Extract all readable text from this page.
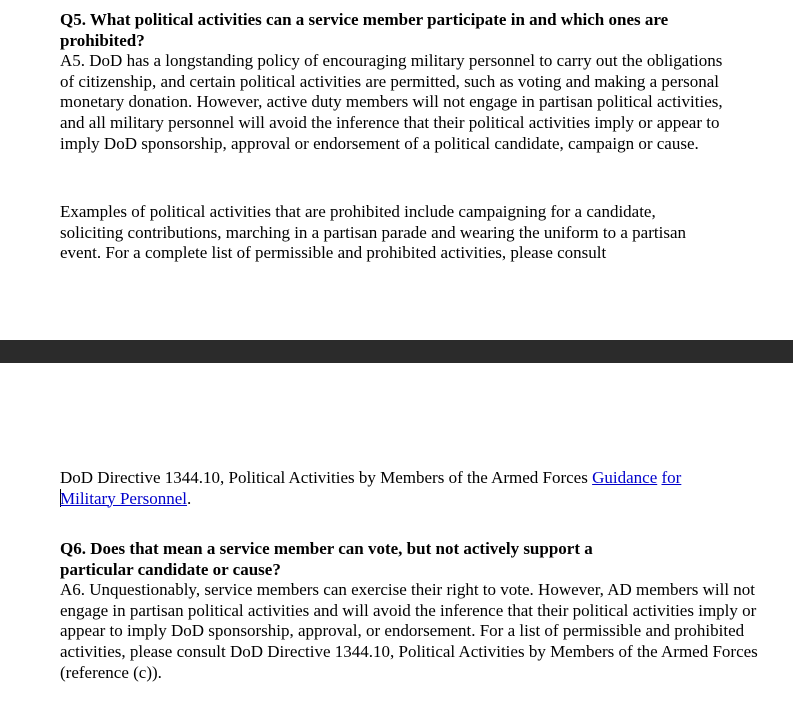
Q5. What political activities can a service member participate in and which ones are prohibited?

A5. DoD has a longstanding policy of encouraging military personnel to carry out the obligations of citizenship, and certain political activities are permitted, such as voting and making a personal monetary donation. However, active duty members will not engage in partisan political activities, and all military personnel will avoid the inference that their political activities imply or appear to imply DoD sponsorship, approval or endorsement of a political candidate, campaign or cause.

Examples of political activities that are prohibited include campaigning for a candidate, soliciting contributions, marching in a partisan parade and wearing the uniform to a partisan event. For a complete list of permissible and prohibited activities, please consult

DoD Directive 1344.10, Political Activities by Members of the Armed Forces Guidance for
Military Personnel.

Q6. Does that mean a service member can vote, but not actively support a particular candidate or cause?

A6. Unquestionably, service members can exercise their right to vote. However, AD members will not engage in partisan political activities and will avoid the inference that their political activities imply or appear to imply DoD sponsorship, approval, or endorsement. For a list of permissible and prohibited activities, please consult DoD Directive 1344.10, Political Activities by Members of the Armed Forces (reference (c)).
